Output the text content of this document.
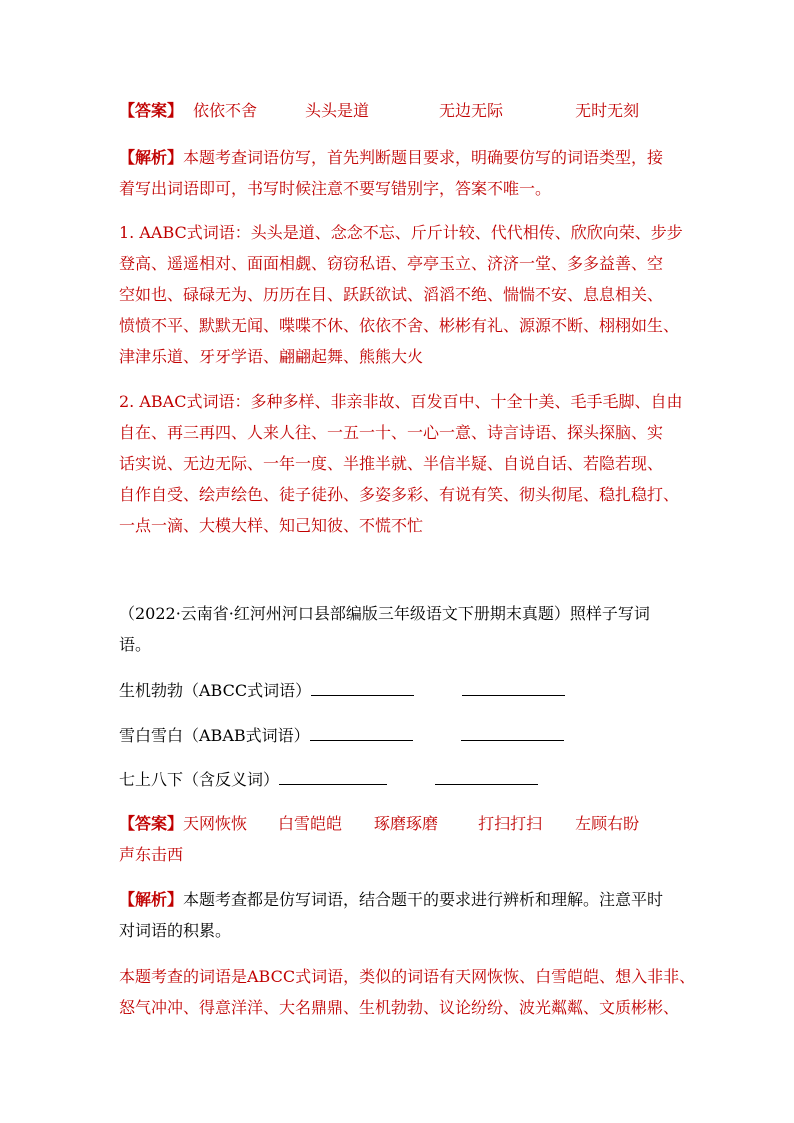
【答案】 依依不舍	头头是道	无边无际	无时无刻
【解析】本题考查词语仿写，首先判断题目要求，明确要仿写的词语类型，接
着写出词语即可，书写时候注意不要写错别字，答案不唯一。
1. AABC式词语：头头是道、念念不忘、斤斤计较、代代相传、欣欣向荣、步步
登高、遥遥相对、面面相觑、窃窃私语、亭亭玉立、济济一堂、多多益善、空
空如也、碌碌无为、历历在目、跃跃欲试、滔滔不绝、惴惴不安、息息相关、
愤愤不平、默默无闻、喋喋不休、依依不舍、彬彬有礼、源源不断、栩栩如生、
津津乐道、牙牙学语、翩翩起舞、熊熊大火
2. ABAC式词语：多种多样、非亲非故、百发百中、十全十美、毛手毛脚、自由
自在、再三再四、人来人往、一五一十、一心一意、诗言诗语、探头探脑、实
话实说、无边无际、一年一度、半推半就、半信半疑、自说自话、若隐若现、
自作自受、绘声绘色、徒子徒孙、多姿多彩、有说有笑、彻头彻尾、稳扎稳打、
一点一滴、大模大样、知己知彼、不慌不忙
（2022·云南省·红河州河口县部编版三年级语文下册期末真题）照样子写词
语。
生机勃勃（ABCC式词语）
雪白雪白（ABAB式词语）
七上八下（含反义词）
【答案】天网恢恢 白雪皑皑 琢磨琢磨	打扫打扫 左顾右盼
声东击西
【解析】本题考查都是仿写词语，结合题干的要求进行辨析和理解。注意平时
对词语的积累。
本题考查的词语是ABCC式词语，类似的词语有天网恢恢、白雪皑皑、想入非非、
怒气冲冲、得意洋洋、大名鼎鼎、生机勃勃、议论纷纷、波光粼粼、文质彬彬、
